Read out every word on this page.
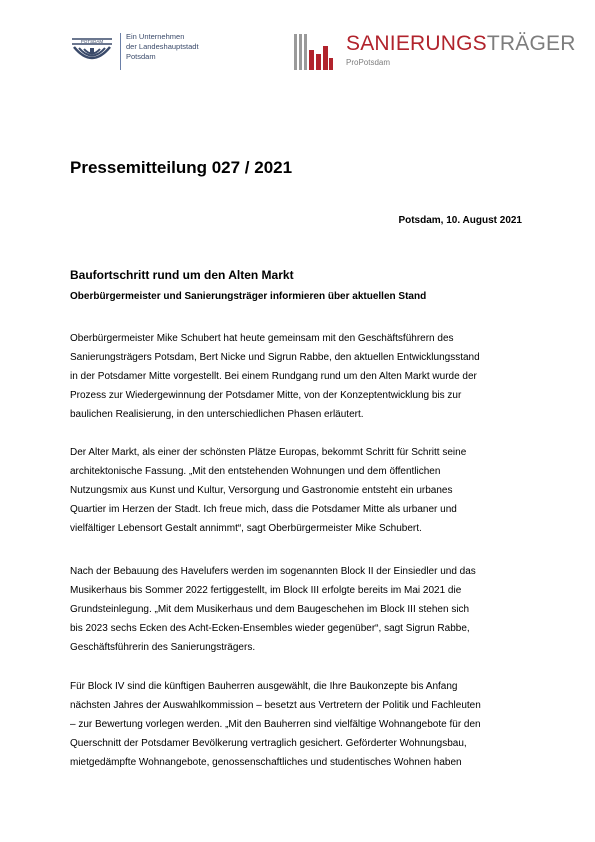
POTSDAM
Ein Unternehmen
der Landeshauptstadt
Potsdam
SANIERUNGSTRÄGER
ProPotsdam
Pressemitteilung 027 / 2021
Potsdam, 10. August 2021
Baufortschritt rund um den Alten Markt
Oberbürgermeister und Sanierungsträger informieren über aktuellen Stand
Oberbürgermeister Mike Schubert hat heute gemeinsam mit den Geschäftsführern des
Sanierungsträgers Potsdam, Bert Nicke und Sigrun Rabbe, den aktuellen Entwicklungsstand
in der Potsdamer Mitte vorgestellt. Bei einem Rundgang rund um den Alten Markt wurde der
Prozess zur Wiedergewinnung der Potsdamer Mitte, von der Konzeptentwicklung bis zur
baulichen Realisierung, in den unterschiedlichen Phasen erläutert.
Der Alter Markt, als einer der schönsten Plätze Europas, bekommt Schritt für Schritt seine
architektonische Fassung. „Mit den entstehenden Wohnungen und dem öffentlichen
Nutzungsmix aus Kunst und Kultur, Versorgung und Gastronomie entsteht ein urbanes
Quartier im Herzen der Stadt. Ich freue mich, dass die Potsdamer Mitte als urbaner und
vielfältiger Lebensort Gestalt annimmt“, sagt Oberbürgermeister Mike Schubert.
Nach der Bebauung des Havelufers werden im sogenannten Block II der Einsiedler und das
Musikerhaus bis Sommer 2022 fertiggestellt, im Block III erfolgte bereits im Mai 2021 die
Grundsteinlegung. „Mit dem Musikerhaus und dem Baugeschehen im Block III stehen sich
bis 2023 sechs Ecken des Acht-Ecken-Ensembles wieder gegenüber“, sagt Sigrun Rabbe,
Geschäftsführerin des Sanierungsträgers.
Für Block IV sind die künftigen Bauherren ausgewählt, die Ihre Baukonzepte bis Anfang
nächsten Jahres der Auswahlkommission – besetzt aus Vertretern der Politik und Fachleuten
– zur Bewertung vorlegen werden. „Mit den Bauherren sind vielfältige Wohnangebote für den
Querschnitt der Potsdamer Bevölkerung vertraglich gesichert. Geförderter Wohnungsbau,
mietgedämpfte Wohnangebote, genossenschaftliches und studentisches Wohnen haben
